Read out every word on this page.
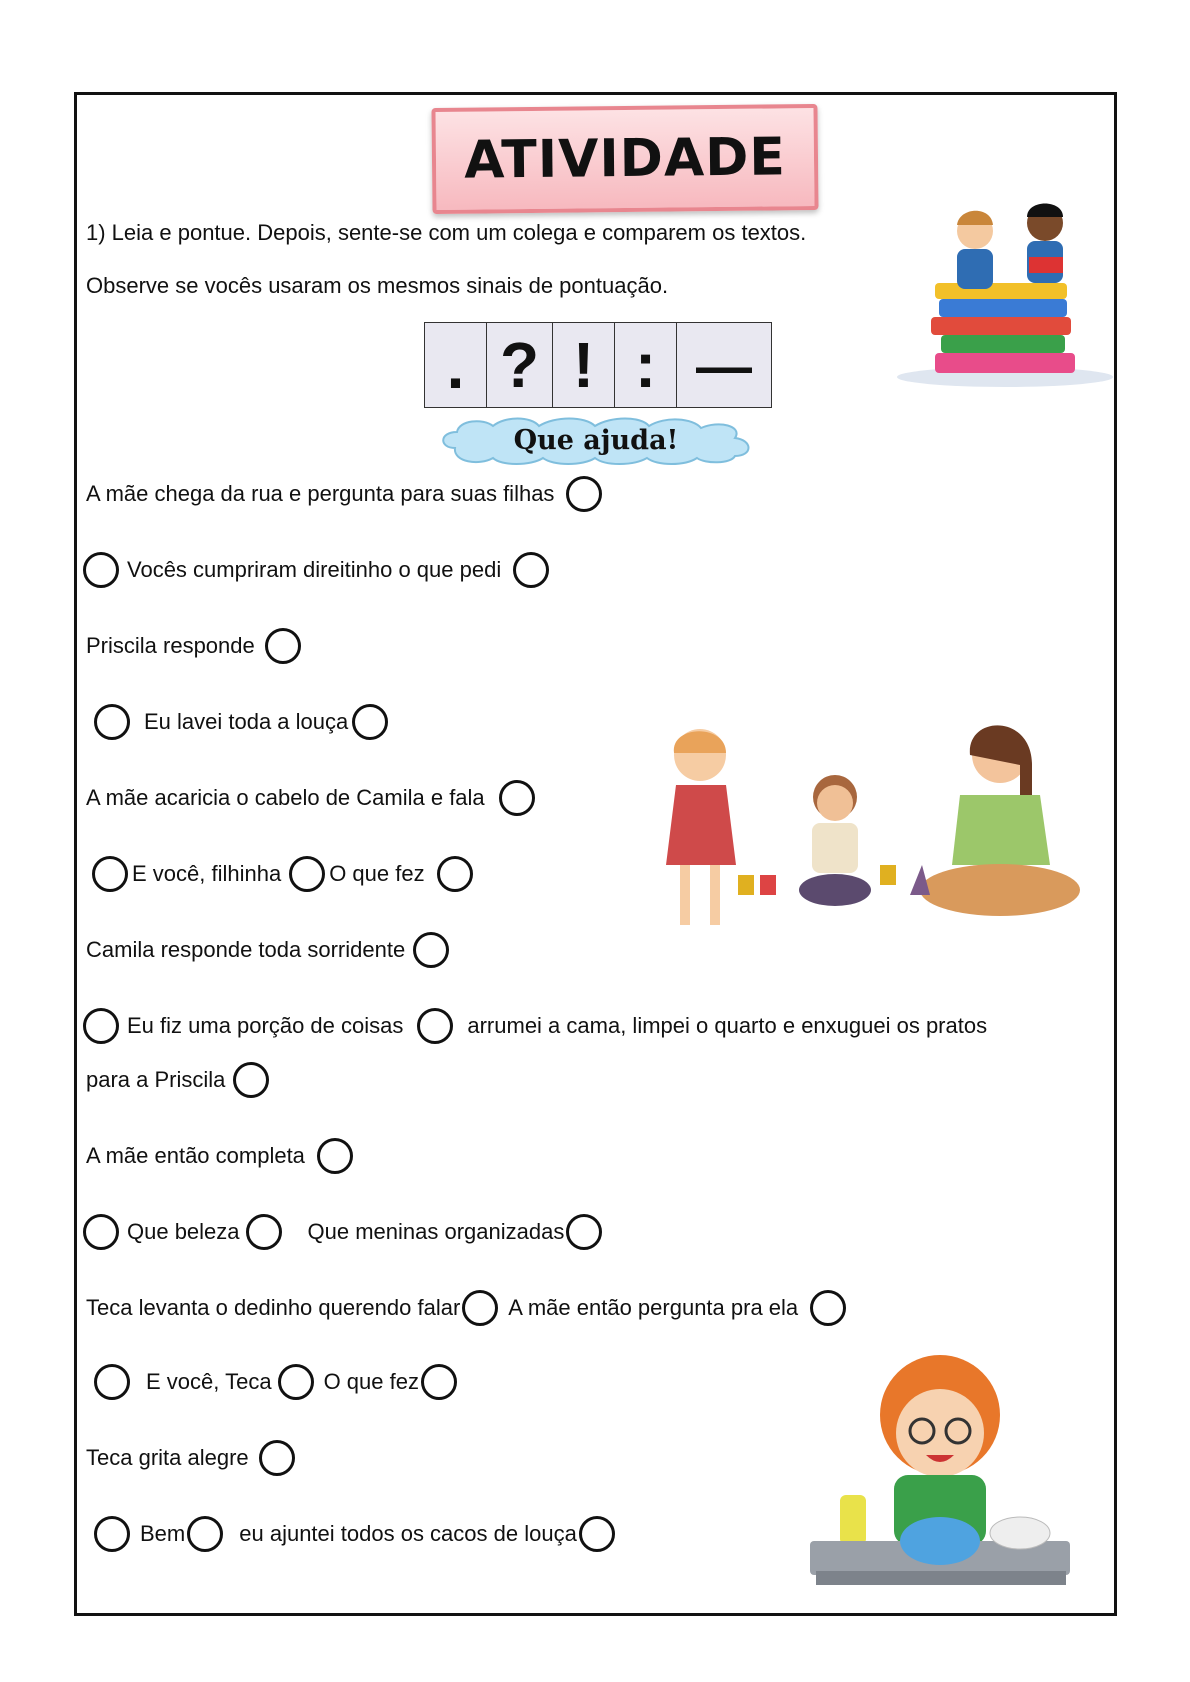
ATIVIDADE
1) Leia e pontue. Depois, sente-se com um colega e comparem os textos.
Observe se vocês usaram os mesmos sinais de pontuação.
. ? ! : —
Que ajuda!
A mãe chega da rua e pergunta para suas filhas
Vocês cumpriram direitinho o que pedi
Priscila responde
Eu lavei toda a louça
A mãe acaricia o cabelo de Camila e fala
E você, filhinha O que fez
Camila responde toda sorridente
Eu fiz uma porção de coisas	arrumei a cama, limpei o quarto e enxuguei os pratos
para a Priscila
A mãe então completa
Que beleza	Que meninas organizadas
Teca levanta o dedinho querendo falar A mãe então pergunta pra ela
E você, Teca O que fez
Teca grita alegre
Bem eu ajuntei todos os cacos de louça
